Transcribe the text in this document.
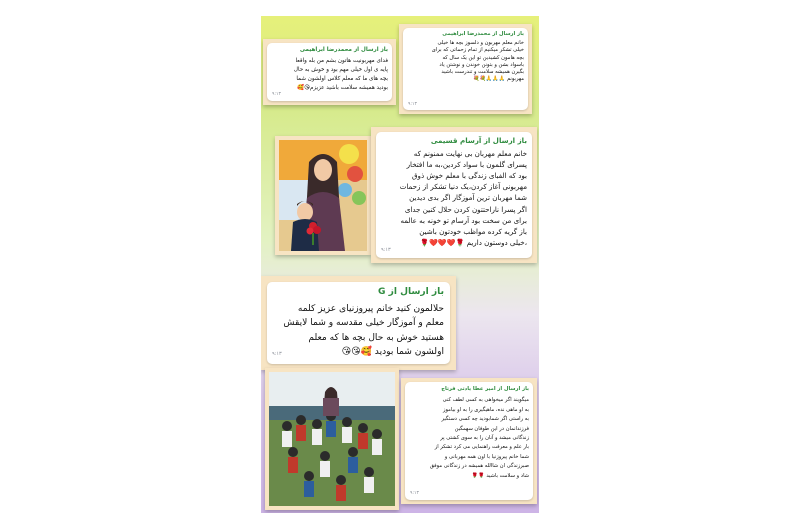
باز ارسال از محمدرضا ابراهیمی
خانم معلم مهربون و دلسوز بچه ها خیلی
خیلی تشکر میکنیم از تمام زحماتی که برای
بچه هامون کشیدین تو این یک سال که
باسواد بشن و بتونن خوندن و نوشتن یاد
بگیرن همیشه سلامت و تندرست باشید
مهربونم 🙏🙏🙏💐💐
۹:۱۳
باز ارسال از محمدرضا ابراهیمی
فدای مهربونیت هاتون بشم من بله واقعا
پایه ی اول خیلی مهم بود و خوش به حال
بچه های ما که معلم کلاس اولشون شما
بودید همیشه سلامت باشید عزیزم😘🥰
۹:۱۳
باز ارسال از آرسام قسیمی
خانم معلم مهربان بی نهایت ممنونم که
پسرای گلمون با سواد کردین،به ما افتخار
بود که الفبای زندگی با معلم خوش ذوق
مهربونی آغاز کردن،یک دنیا تشکر از زحمات
شما مهربان ترین آموزگار اگر بدی دیدین
اگر پسرا ناراحتتون کردن حلال کنین جدای
برای من سخت بود آرسام تو خونه به عالمه
باز گریه کرده مواظب خودتون باشین
،خیلی دوستون داریم 🌹❤️❤️❤️🌹
۹:۱۳
باز ارسال از G
حلالمون کنید خانم پیروزنیای عزیز کلمه
معلم و آموزگار خیلی مقدسه و شما لایقش
هستید خوش به حال بچه ها که معلم
اولشون شما بودید 🥰😘😘
۹:۱۳
باز ارسال از امیر عطا یادتی فرتاج
میگویند اگر میخواهی به کسی لطف کنی
به او ماهی نده، ماهیگیری را به او بیاموز
به راستی اگر شمابودید چه کسی دستگیر
فرزندانمان در این طوفان سهمگین
زندگانی میشد و آنان را به سوی کشتی پر
بار علم و معرفت راهنمایی می کرد تشکر از
شما خانم پیروزنیا با اون همه مهربانی و
صبرزندگی ان شاالله همیشه در زندگانی موفق
شاد و سلامت باشید 🌹🌹
۹:۱۳
